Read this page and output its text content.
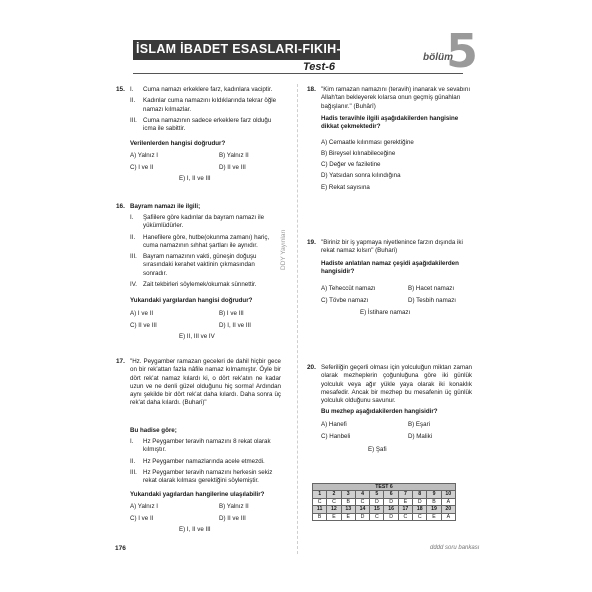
İSLAM İBADET ESASLARI-FIKIH-İBADET
Test-6
bölüm
5
DDY Yayınları
15. I. Cuma namazı erkeklere farz, kadınlara vaciptir.
II. Kadınlar cuma namazını kıldıklarında tekrar öğle namazı kılmazlar.
III. Cuma namazının sadece erkeklere farz olduğu icma ile sabittir.
Verilenlerden hangisi doğrudur?
A) Yalnız I	B) Yalnız II
C) I ve II	D) II ve III
E) I, II ve III
16. Bayram namazı ile ilgili;
I. Şafiilere göre kadınlar da bayram namazı ile yükümlüdürler.
II. Hanefilere göre, hutbe(okunma zamanı) hariç, cuma namazının sıhhat şartları ile aynıdır.
III. Bayram namazının vakti, güneşin doğuşu sırasındaki kerahet vaktinin çıkmasından sonradır.
IV. Zait tekbirleri söylemek/okumak sünnettir.
Yukarıdaki yargılardan hangisi doğrudur?
A) I ve II	B) I ve III
C) II ve III	D) I, II ve III
E) II, III ve IV
17. "Hz. Peygamber ramazan geceleri de dahil hiçbir gece on bir rek'attan fazla nâfile namaz kılmamıştır. Öyle bir dört rek'at namaz kılardı ki, o dört rek'atın ne kadar uzun ve ne denli güzel olduğunu hiç sorma! Ardından aynı şekilde bir dört rek'at daha kılardı. Daha sonra üç rek'at daha kılardı. (Buhari)"
Bu hadise göre;
I. Hz Peygamber teravih namazını 8 rekat olarak kılmıştır.
II. Hz Peygamber namazlarında acele etmezdi.
III. Hz Peygamber teravih namazını herkesin sekiz rekat olarak kılması gerektiğini söylemiştir.
Yukarıdaki yagılardan hangilerine ulaşılabilir?
A) Yalnız I	B) Yalnız II
C) I ve II	D) II ve III
E) I, II ve III
18. "Kim ramazan namazını (teravih) inanarak ve sevabını Allah'tan bekleyerek kılarsa onun geçmiş günahları bağışlanır." (Buhârî)
Hadis teravihle ilgili aşağıdakilerden hangisine dikkat çekmektedir?
A) Cemaatle kılınması gerektiğine
B) Bireysel kılınabileceğine
C) Değer ve faziletine
D) Yatsıdan sonra kılındığına
E) Rekat sayısına
19. "Biriniz bir iş yapmaya niyetlenince farzın dışında iki rekat namaz kılsın" (Buhari)
Hadiste anlatılan namaz çeşidi aşağıdakilerden hangisidir?
A) Teheccüt namazı	B) Hacet namazı
C) Tövbe namazı	D) Tesbih namazı
E) İstihare namazı
20. Seferiliğin geçerli olması için yolculuğun miktarı zaman olarak mezheplerin çoğunluğuna göre iki günlük yolculuk veya ağır yükle yaya olarak iki konaklık mesafedir. Ancak bir mezhep bu mesafenin üç günlük yolculuk olduğunu savunur.
Bu mezhep aşağıdakilerden hangisidir?
A) Hanefi	B) Eşari
C) Hanbeli	D) Maliki
E) Şafi
TEST 6									
1	2	3	4	5	6	7	8	9	10
C	C	B	C	D	D	E	D	B	A
11	12	13	14	15	16	17	18	19	20
B	E	E	D	C	D	C	C	E	A
176	dddd soru bankası
